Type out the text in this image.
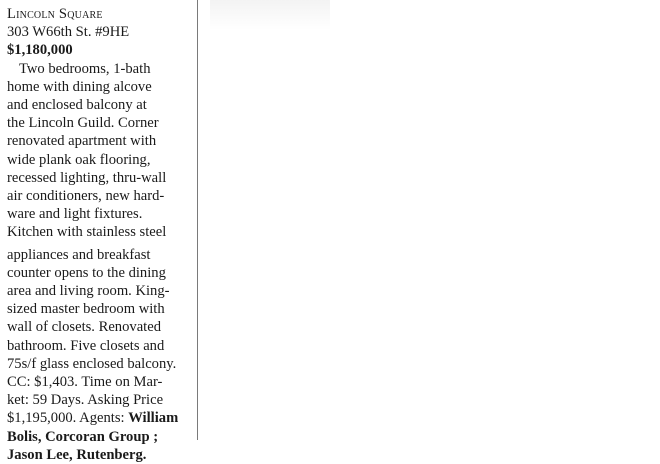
Lincoln Square
303 W66th St. #9HE
$1,180,000
Two bedrooms, 1-bath
home with dining alcove
and enclosed balcony at
the Lincoln Guild. Corner
renovated apartment with
wide plank oak flooring,
recessed lighting, thru-wall
air conditioners, new hard-
ware and light fixtures.
Kitchen with stainless steel
appliances and breakfast
counter opens to the dining
area and living room. King-
sized master bedroom with
wall of closets. Renovated
bathroom. Five closets and
75s/f glass enclosed balcony.
CC: $1,403. Time on Mar-
ket: 59 Days. Asking Price
$1,195,000. Agents: William
Bolis, Corcoran Group ;
Jason Lee, Rutenberg.
